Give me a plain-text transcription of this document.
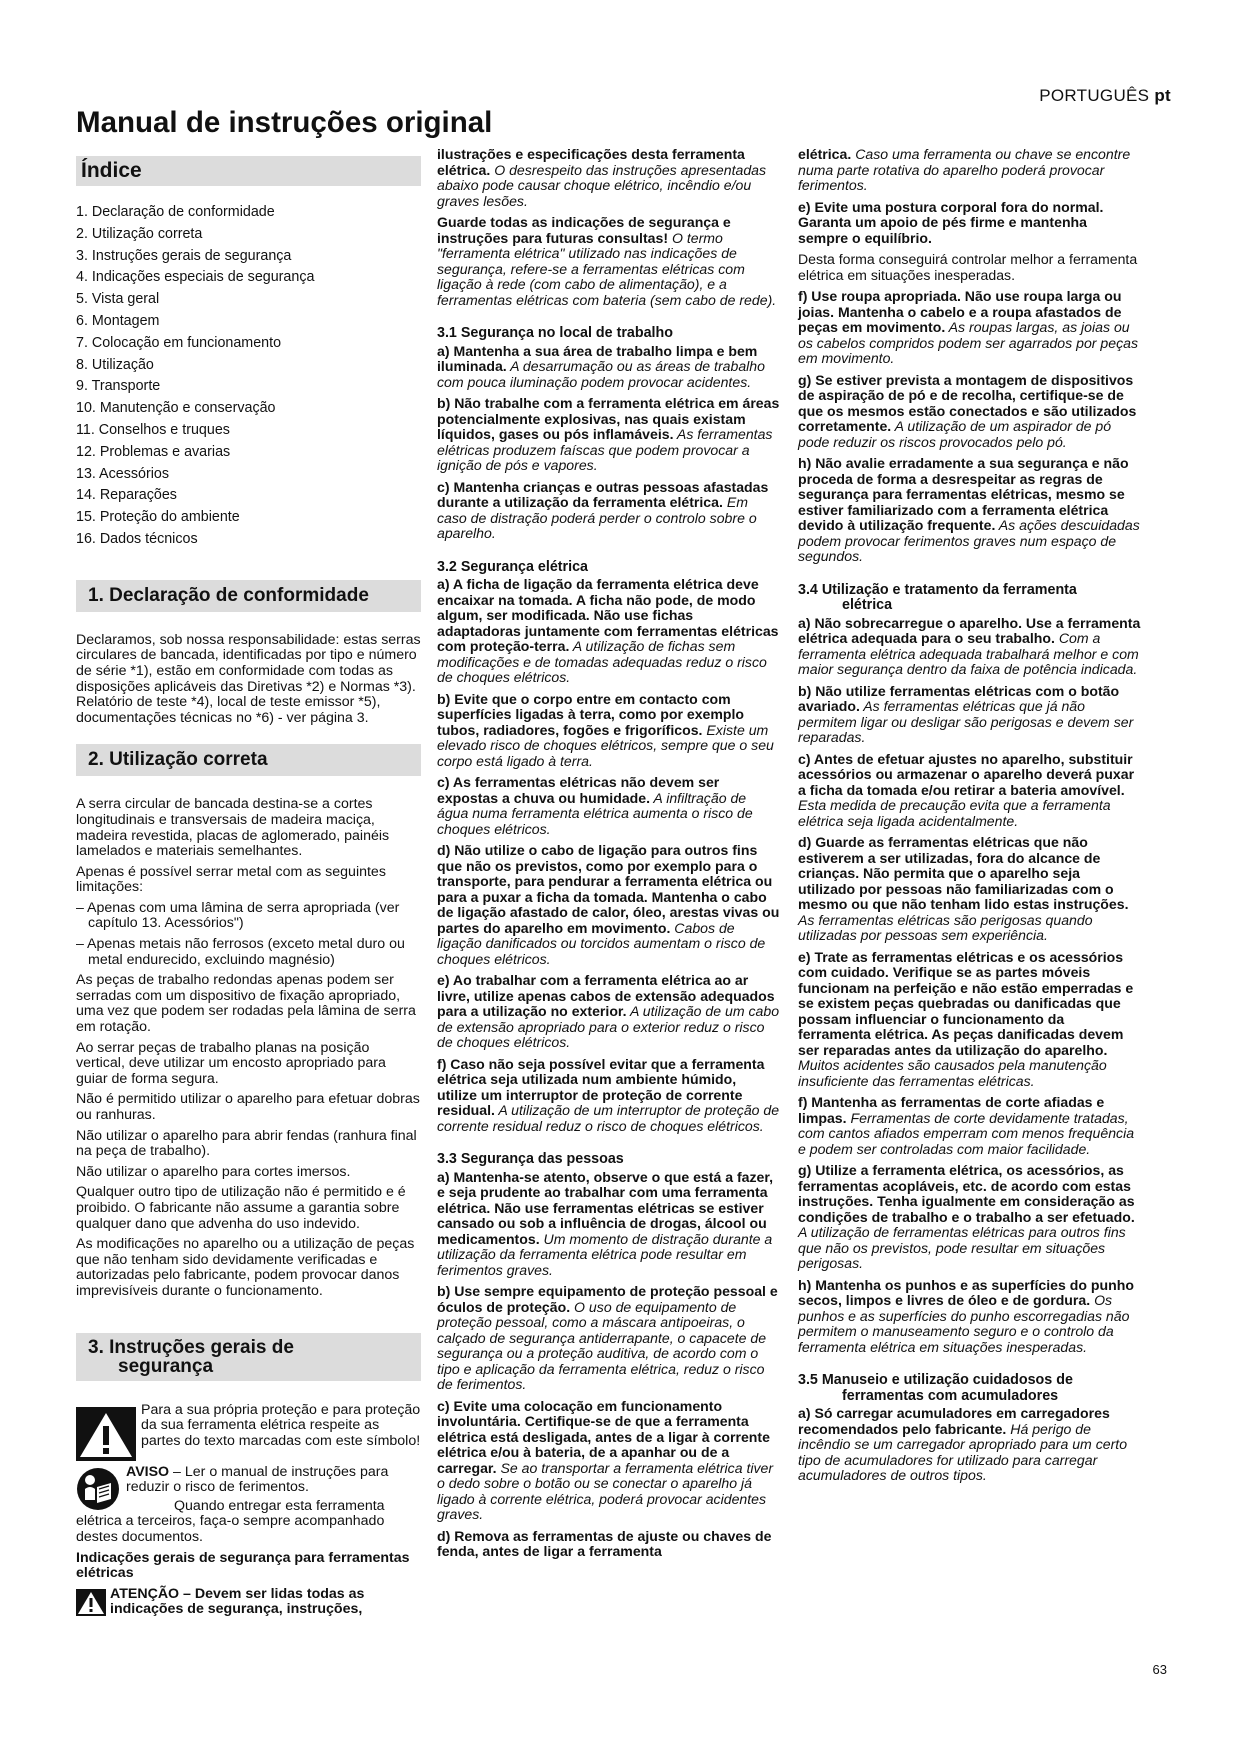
PORTUGUÊS pt
Manual de instruções original
Índice
1. Declaração de conformidade
2. Utilização correta
3. Instruções gerais de segurança
4. Indicações especiais de segurança
5. Vista geral
6. Montagem
7. Colocação em funcionamento
8. Utilização
9. Transporte
10. Manutenção e conservação
11. Conselhos e truques
12. Problemas e avarias
13. Acessórios
14. Reparações
15. Proteção do ambiente
16. Dados técnicos
1. Declaração de conformidade

Declaramos, sob nossa responsabilidade: estas serras circulares de bancada, identificadas por tipo e número de série *1), estão em conformidade com todas as disposições aplicáveis das Diretivas *2) e Normas *3). Relatório de teste *4), local de teste emissor *5), documentações técnicas no *6) - ver página 3.

2. Utilização correta

A serra circular de bancada destina-se a cortes longitudinais e transversais de madeira maciça, madeira revestida, placas de aglomerado, painéis lamelados e materiais semelhantes.

Apenas é possível serrar metal com as seguintes limitações:

– Apenas com uma lâmina de serra apropriada (ver capítulo 13. Acessórios")

– Apenas metais não ferrosos (exceto metal duro ou metal endurecido, excluindo magnésio)

As peças de trabalho redondas apenas podem ser serradas com um dispositivo de fixação apropriado, uma vez que podem ser rodadas pela lâmina de serra em rotação.

Ao serrar peças de trabalho planas na posição vertical, deve utilizar um encosto apropriado para guiar de forma segura.

Não é permitido utilizar o aparelho para efetuar dobras ou ranhuras.

Não utilizar o aparelho para abrir fendas (ranhura final na peça de trabalho).

Não utilizar o aparelho para cortes imersos.

Qualquer outro tipo de utilização não é permitido e é proibido. O fabricante não assume a garantia sobre qualquer dano que advenha do uso indevido.

As modificações no aparelho ou a utilização de peças que não tenham sido devidamente verificadas e autorizadas pelo fabricante, podem provocar danos imprevisíveis durante o funcionamento.

3. Instruções gerais de
segurança
Para a sua própria proteção e para proteção da sua ferramenta elétrica respeite as partes do texto marcadas com este símbolo!

AVISO – Ler o manual de instruções para reduzir o risco de ferimentos.

Quando entregar esta ferramenta elétrica a terceiros, faça-o sempre acompanhado destes documentos.

Indicações gerais de segurança para ferramentas elétricas

ATENÇÃO – Devem ser lidas todas as indicações de segurança, instruções,

ilustrações e especificações desta ferramenta elétrica. O desrespeito das instruções apresentadas abaixo pode causar choque elétrico, incêndio e/ou graves lesões.

Guarde todas as indicações de segurança e instruções para futuras consultas! O termo "ferramenta elétrica" utilizado nas indicações de segurança, refere-se a ferramentas elétricas com ligação à rede (com cabo de alimentação), e a ferramentas elétricas com bateria (sem cabo de rede).

3.1 Segurança no local de trabalho

a) Mantenha a sua área de trabalho limpa e bem iluminada. A desarrumação ou as áreas de trabalho com pouca iluminação podem provocar acidentes.

b) Não trabalhe com a ferramenta elétrica em áreas potencialmente explosivas, nas quais existam líquidos, gases ou pós inflamáveis. As ferramentas elétricas produzem faíscas que podem provocar a ignição de pós e vapores.

c) Mantenha crianças e outras pessoas afastadas durante a utilização da ferramenta elétrica. Em caso de distração poderá perder o controlo sobre o aparelho.

3.2 Segurança elétrica

a) A ficha de ligação da ferramenta elétrica deve encaixar na tomada. A ficha não pode, de modo algum, ser modificada. Não use fichas adaptadoras juntamente com ferramentas elétricas com proteção-terra. A utilização de fichas sem modificações e de tomadas adequadas reduz o risco de choques elétricos.

b) Evite que o corpo entre em contacto com superfícies ligadas à terra, como por exemplo tubos, radiadores, fogões e frigoríficos. Existe um elevado risco de choques elétricos, sempre que o seu corpo está ligado à terra.

c) As ferramentas elétricas não devem ser expostas a chuva ou humidade. A infiltração de água numa ferramenta elétrica aumenta o risco de choques elétricos.

d) Não utilize o cabo de ligação para outros fins que não os previstos, como por exemplo para o transporte, para pendurar a ferramenta elétrica ou para a puxar a ficha da tomada. Mantenha o cabo de ligação afastado de calor, óleo, arestas vivas ou partes do aparelho em movimento. Cabos de ligação danificados ou torcidos aumentam o risco de choques elétricos.

e) Ao trabalhar com a ferramenta elétrica ao ar livre, utilize apenas cabos de extensão adequados para a utilização no exterior. A utilização de um cabo de extensão apropriado para o exterior reduz o risco de choques elétricos.

f) Caso não seja possível evitar que a ferramenta elétrica seja utilizada num ambiente húmido, utilize um interruptor de proteção de corrente residual. A utilização de um interruptor de proteção de corrente residual reduz o risco de choques elétricos.

3.3 Segurança das pessoas

a) Mantenha-se atento, observe o que está a fazer, e seja prudente ao trabalhar com uma ferramenta elétrica. Não use ferramentas elétricas se estiver cansado ou sob a influência de drogas, álcool ou medicamentos. Um momento de distração durante a utilização da ferramenta elétrica pode resultar em ferimentos graves.

b) Use sempre equipamento de proteção pessoal e óculos de proteção. O uso de equipamento de proteção pessoal, como a máscara antipoeiras, o calçado de segurança antiderrapante, o capacete de segurança ou a proteção auditiva, de acordo com o tipo e aplicação da ferramenta elétrica, reduz o risco de ferimentos.

c) Evite uma colocação em funcionamento involuntária. Certifique-se de que a ferramenta elétrica está desligada, antes de a ligar à corrente elétrica e/ou à bateria, de a apanhar ou de a carregar. Se ao transportar a ferramenta elétrica tiver o dedo sobre o botão ou se conectar o aparelho já ligado à corrente elétrica, poderá provocar acidentes graves.

d) Remova as ferramentas de ajuste ou chaves de fenda, antes de ligar a ferramenta

elétrica. Caso uma ferramenta ou chave se encontre numa parte rotativa do aparelho poderá provocar ferimentos.

e) Evite uma postura corporal fora do normal. Garanta um apoio de pés firme e mantenha sempre o equilíbrio.

Desta forma conseguirá controlar melhor a ferramenta elétrica em situações inesperadas.

f) Use roupa apropriada. Não use roupa larga ou joias. Mantenha o cabelo e a roupa afastados de peças em movimento. As roupas largas, as joias ou os cabelos compridos podem ser agarrados por peças em movimento.

g) Se estiver prevista a montagem de dispositivos de aspiração de pó e de recolha, certifique-se de que os mesmos estão conectados e são utilizados corretamente. A utilização de um aspirador de pó pode reduzir os riscos provocados pelo pó.

h) Não avalie erradamente a sua segurança e não proceda de forma a desrespeitar as regras de segurança para ferramentas elétricas, mesmo se estiver familiarizado com a ferramenta elétrica devido à utilização frequente. As ações descuidadas podem provocar ferimentos graves num espaço de segundos.

3.4 Utilização e tratamento da ferramenta
elétrica

a) Não sobrecarregue o aparelho. Use a ferramenta elétrica adequada para o seu trabalho. Com a ferramenta elétrica adequada trabalhará melhor e com maior segurança dentro da faixa de potência indicada.

b) Não utilize ferramentas elétricas com o botão avariado. As ferramentas elétricas que já não permitem ligar ou desligar são perigosas e devem ser reparadas.

c) Antes de efetuar ajustes no aparelho, substituir acessórios ou armazenar o aparelho deverá puxar a ficha da tomada e/ou retirar a bateria amovível. Esta medida de precaução evita que a ferramenta elétrica seja ligada acidentalmente.

d) Guarde as ferramentas elétricas que não estiverem a ser utilizadas, fora do alcance de crianças. Não permita que o aparelho seja utilizado por pessoas não familiarizadas com o mesmo ou que não tenham lido estas instruções. As ferramentas elétricas são perigosas quando utilizadas por pessoas sem experiência.

e) Trate as ferramentas elétricas e os acessórios com cuidado. Verifique se as partes móveis funcionam na perfeição e não estão emperradas e se existem peças quebradas ou danificadas que possam influenciar o funcionamento da ferramenta elétrica. As peças danificadas devem ser reparadas antes da utilização do aparelho. Muitos acidentes são causados pela manutenção insuficiente das ferramentas elétricas.

f) Mantenha as ferramentas de corte afiadas e limpas. Ferramentas de corte devidamente tratadas, com cantos afiados emperram com menos frequência e podem ser controladas com maior facilidade.

g) Utilize a ferramenta elétrica, os acessórios, as ferramentas acopláveis, etc. de acordo com estas instruções. Tenha igualmente em consideração as condições de trabalho e o trabalho a ser efetuado. A utilização de ferramentas elétricas para outros fins que não os previstos, pode resultar em situações perigosas.

h) Mantenha os punhos e as superfícies do punho secos, limpos e livres de óleo e de gordura. Os punhos e as superfícies do punho escorregadias não permitem o manuseamento seguro e o controlo da ferramenta elétrica em situações inesperadas.

3.5 Manuseio e utilização cuidadosos de
ferramentas com acumuladores

a) Só carregar acumuladores em carregadores recomendados pelo fabricante. Há perigo de incêndio se um carregador apropriado para um certo tipo de acumuladores for utilizado para carregar acumuladores de outros tipos.

63
